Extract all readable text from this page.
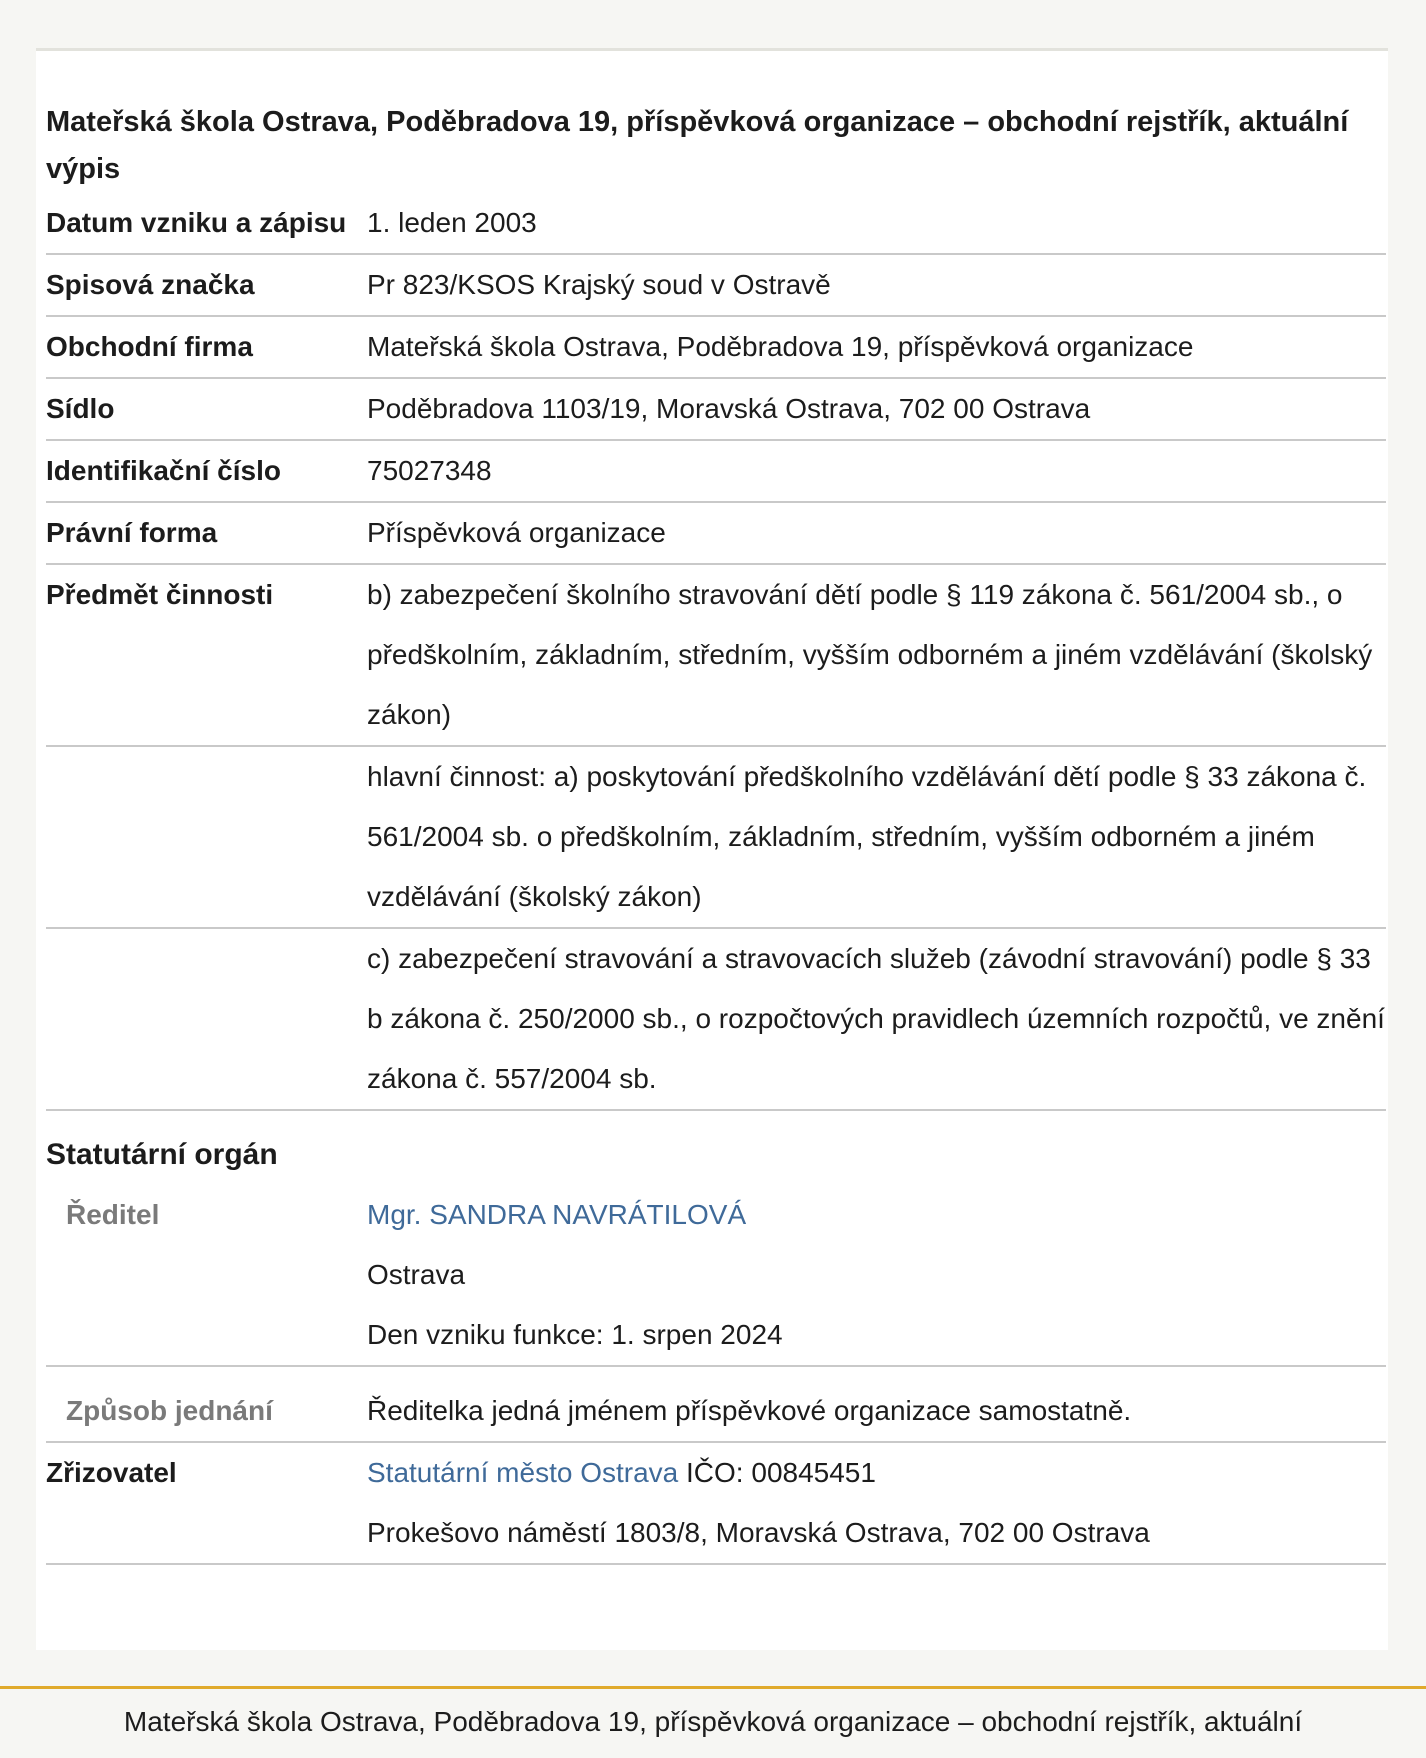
Mateřská škola Ostrava, Poděbradova 19, příspěvková organizace – obchodní rejstřík, aktuální výpis
Datum vzniku a zápisu 1. leden 2003
Spisová značka	Pr 823/KSOS Krajský soud v Ostravě
Obchodní firma	Mateřská škola Ostrava, Poděbradova 19, příspěvková organizace
Sídlo	Poděbradova 1103/19, Moravská Ostrava, 702 00 Ostrava
Identifikační číslo	75027348
Právní forma	Příspěvková organizace
Předmět činnosti	b) zabezpečení školního stravování dětí podle § 119 zákona č. 561/2004 sb., o předškolním, základním, středním, vyšším odborném a jiném vzdělávání (školský zákon)
hlavní činnost: a) poskytování předškolního vzdělávání dětí podle § 33 zákona č. 561/2004 sb. o předškolním, základním, středním, vyšším odborném a jiném vzdělávání (školský zákon)
c) zabezpečení stravování a stravovacích služeb (závodní stravování) podle § 33 b zákona č. 250/2000 sb., o rozpočtových pravidlech územních rozpočtů, ve znění zákona č. 557/2004 sb.
Statutární orgán
Ředitel	Mgr. SANDRA NAVRÁTILOVÁ

Ostrava

Den vzniku funkce: 1. srpen 2024

Způsob jednání	Ředitelka jedná jménem příspěvkové organizace samostatně.
Zřizovatel	Statutární město Ostrava IČO: 00845451

Prokešovo náměstí 1803/8, Moravská Ostrava, 702 00 Ostrava

Mateřská škola Ostrava, Poděbradova 19, příspěvková organizace – obchodní rejstřík, aktuální
